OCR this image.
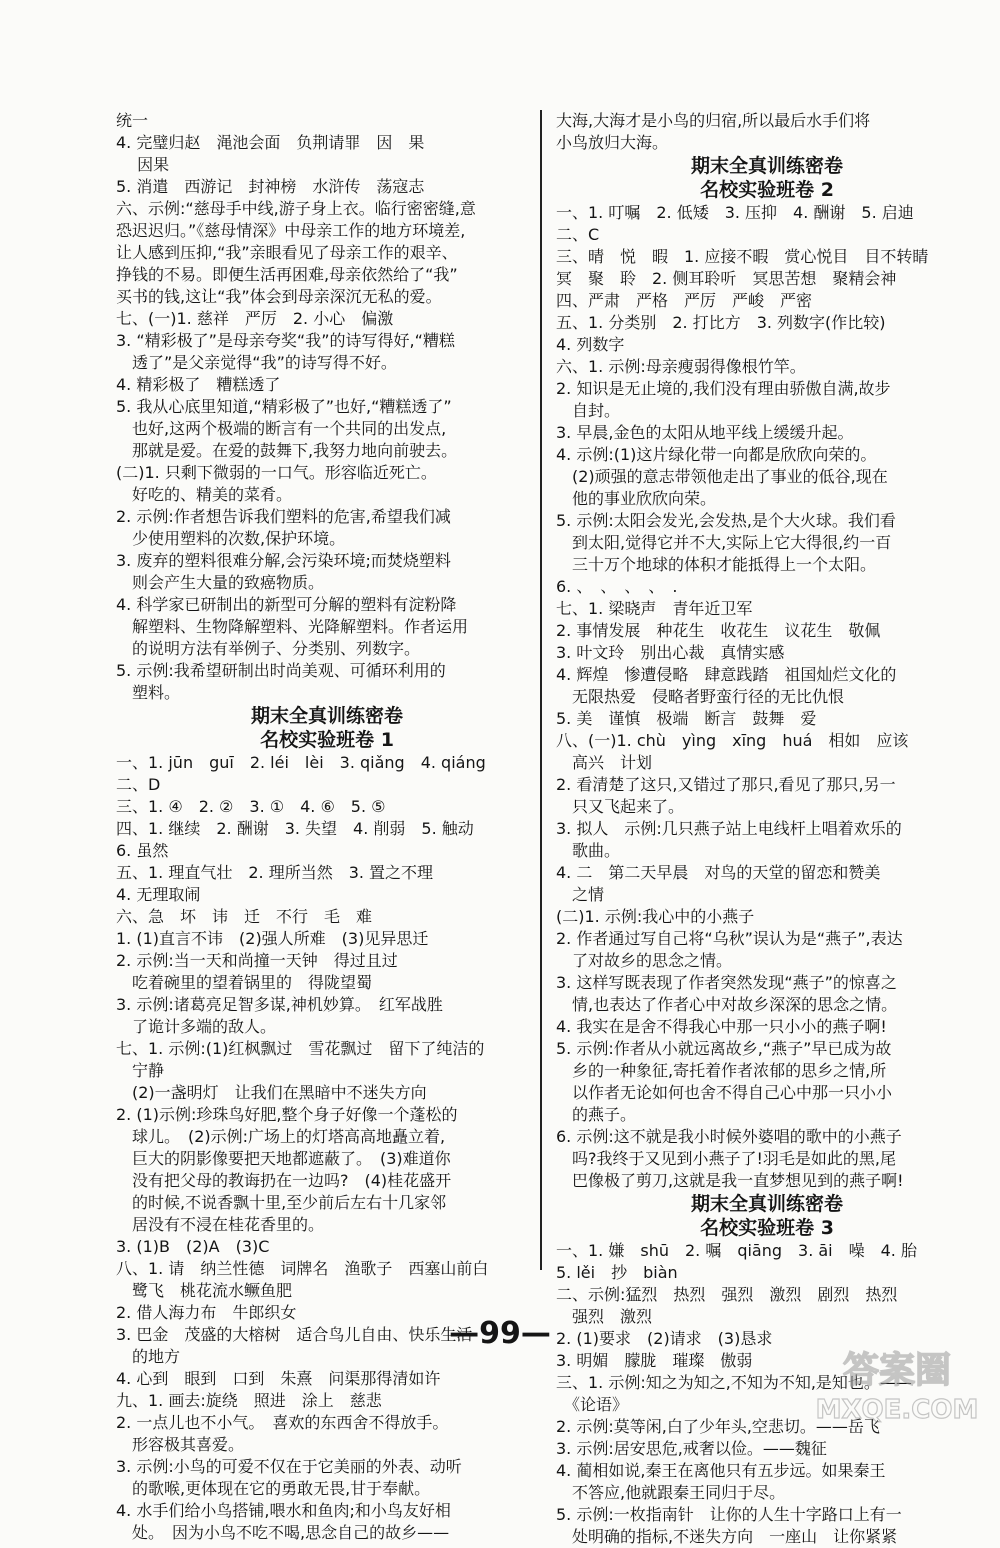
统一
4. 完璧归赵　渑池会面　负荆请罪　因　果
　 因果
5. 消遣　西游记　封神榜　水浒传　荡寇志
六、示例:“慈母手中线,游子身上衣。临行密密缝,意
恐迟迟归。”《慈母情深》中母亲工作的地方环境差,
让人感到压抑,“我”亲眼看见了母亲工作的艰辛、
挣钱的不易。即便生活再困难,母亲依然给了“我”
买书的钱,这让“我”体会到母亲深沉无私的爱。
七、(一)1. 慈祥　严厉　2. 小心　偏激
3. “精彩极了”是母亲夸奖“我”的诗写得好,“糟糕
　透了”是父亲觉得“我”的诗写得不好。
4. 精彩极了　糟糕透了
5. 我从心底里知道,“精彩极了”也好,“糟糕透了”
　也好,这两个极端的断言有一个共同的出发点,
　那就是爱。在爱的鼓舞下,我努力地向前驶去。
(二)1. 只剩下微弱的一口气。形容临近死亡。
　好吃的、精美的菜肴。
2. 示例:作者想告诉我们塑料的危害,希望我们减
　少使用塑料的次数,保护环境。
3. 废弃的塑料很难分解,会污染环境;而焚烧塑料
　则会产生大量的致癌物质。
4. 科学家已研制出的新型可分解的塑料有淀粉降
　解塑料、生物降解塑料、光降解塑料。作者运用
　的说明方法有举例子、分类别、列数字。
5. 示例:我希望研制出时尚美观、可循环利用的
　塑料。
期末全真训练密卷
名校实验班卷 1
一、1. jūn　guī　2. léi　lèi　3. qiǎng　4. qiáng
二、D
三、1. ④　2. ②　3. ①　4. ⑥　5. ⑤
四、1. 继续　2. 酬谢　3. 失望　4. 削弱　5. 触动
6. 虽然
五、1. 理直气壮　2. 理所当然　3. 置之不理
4. 无理取闹
六、急　坏　讳　迁　不行　毛　难
1. (1)直言不讳　(2)强人所难　(3)见异思迁
2. 示例:当一天和尚撞一天钟　得过且过
　吃着碗里的望着锅里的　得陇望蜀
3. 示例:诸葛亮足智多谋,神机妙算。　红军战胜
　了诡计多端的敌人。
七、1. 示例:(1)红枫飘过　雪花飘过　留下了纯洁的
　宁静
　(2)一盏明灯　让我们在黑暗中不迷失方向
2. (1)示例:珍珠鸟好肥,整个身子好像一个蓬松的
　球儿。　(2)示例:广场上的灯塔高高地矗立着,
　巨大的阴影像要把天地都遮蔽了。　(3)难道你
　没有把父母的教诲扔在一边吗?　(4)桂花盛开
　的时候,不说香飘十里,至少前后左右十几家邻
　居没有不浸在桂花香里的。
3. (1)B　(2)A　(3)C
八、1. 请　纳兰性德　词牌名　渔歌子　西塞山前白
　鹭飞　桃花流水鳜鱼肥
2. 借人海力布　牛郎织女
3. 巴金　茂盛的大榕树　适合鸟儿自由、快乐生活
　的地方
4. 心到　眼到　口到　朱熹　问渠那得清如许
九、1. 画去:旋绕　照进　涂上　慈悲
2. 一点儿也不小气。　喜欢的东西舍不得放手。
　形容极其喜爱。
3. 示例:小鸟的可爱不仅在于它美丽的外表、动听
　的歌喉,更体现在它的勇敢无畏,甘于奉献。
4. 水手们给小鸟搭铺,喂水和鱼肉;和小鸟友好相
　处。　因为小鸟不吃不喝,思念自己的故乡——
大海,大海才是小鸟的归宿,所以最后水手们将
小鸟放归大海。
期末全真训练密卷
名校实验班卷 2
一、1. 叮嘱　2. 低矮　3. 压抑　4. 酬谢　5. 启迪
二、C
三、晴　悦　暇　1. 应接不暇　赏心悦目　目不转睛
冥　聚　聆　2. 侧耳聆听　冥思苦想　聚精会神
四、严肃　严格　严厉　严峻　严密
五、1. 分类别　2. 打比方　3. 列数字(作比较)
4. 列数字
六、1. 示例:母亲瘦弱得像根竹竿。
2. 知识是无止境的,我们没有理由骄傲自满,故步
　自封。
3. 早晨,金色的太阳从地平线上缓缓升起。
4. 示例:(1)这片绿化带一向都是欣欣向荣的。
　(2)顽强的意志带领他走出了事业的低谷,现在
　他的事业欣欣向荣。
5. 示例:太阳会发光,会发热,是个大火球。我们看
　到太阳,觉得它并不大,实际上它大得很,约一百
　三十万个地球的体积才能抵得上一个太阳。
6. 、　、　、　、　.
七、1. 梁晓声　青年近卫军
2. 事情发展　种花生　收花生　议花生　敬佩
3. 叶文玲　别出心裁　真情实感
4. 辉煌　惨遭侵略　肆意践踏　祖国灿烂文化的
　无限热爱　侵略者野蛮行径的无比仇恨
5. 美　谨慎　极端　断言　鼓舞　爱
八、(一)1. chù　yìng　xīng　huá　相如　应该
　高兴　计划
2. 看清楚了这只,又错过了那只,看见了那只,另一
　只又飞起来了。
3. 拟人　示例:几只燕子站上电线杆上唱着欢乐的
　歌曲。
4. 二　第二天早晨　对鸟的天堂的留恋和赞美
　之情
(二)1. 示例:我心中的小燕子
2. 作者通过写自己将“乌秋”误认为是“燕子”,表达
　了对故乡的思念之情。
3. 这样写既表现了作者突然发现“燕子”的惊喜之
　情,也表达了作者心中对故乡深深的思念之情。
4. 我实在是舍不得我心中那一只小小的燕子啊!
5. 示例:作者从小就远离故乡,“燕子”早已成为故
　乡的一种象征,寄托着作者浓郁的思乡之情,所
　以作者无论如何也舍不得自己心中那一只小小
　的燕子。
6. 示例:这不就是我小时候外婆唱的歌中的小燕子
　吗?我终于又见到小燕子了!羽毛是如此的黑,尾
　巴像极了剪刀,这就是我一直梦想见到的燕子啊!
期末全真训练密卷
名校实验班卷 3
一、1. 嫌　shū　2. 嘱　qiāng　3. āi　噪　4. 胎
5. lěi　抄　biàn
二、示例:猛烈　热烈　强烈　激烈　剧烈　热烈
　强烈　激烈
2. (1)要求　(2)请求　(3)恳求
3. 明媚　朦胧　璀璨　傲弱
三、1. 示例:知之为知之,不知为不知,是知也。——
　《论语》
2. 示例:莫等闲,白了少年头,空悲切。——岳飞
3. 示例:居安思危,戒奢以俭。——魏征
4. 蔺相如说,秦王在离他只有五步远。如果秦王
　不答应,他就跟秦王同归于尽。
5. 示例:一枚指南针　让你的人生十字路口上有一
　处明确的指标,不迷失方向　一座山　让你紧紧
—99—
答案圈
MXQE.COM
